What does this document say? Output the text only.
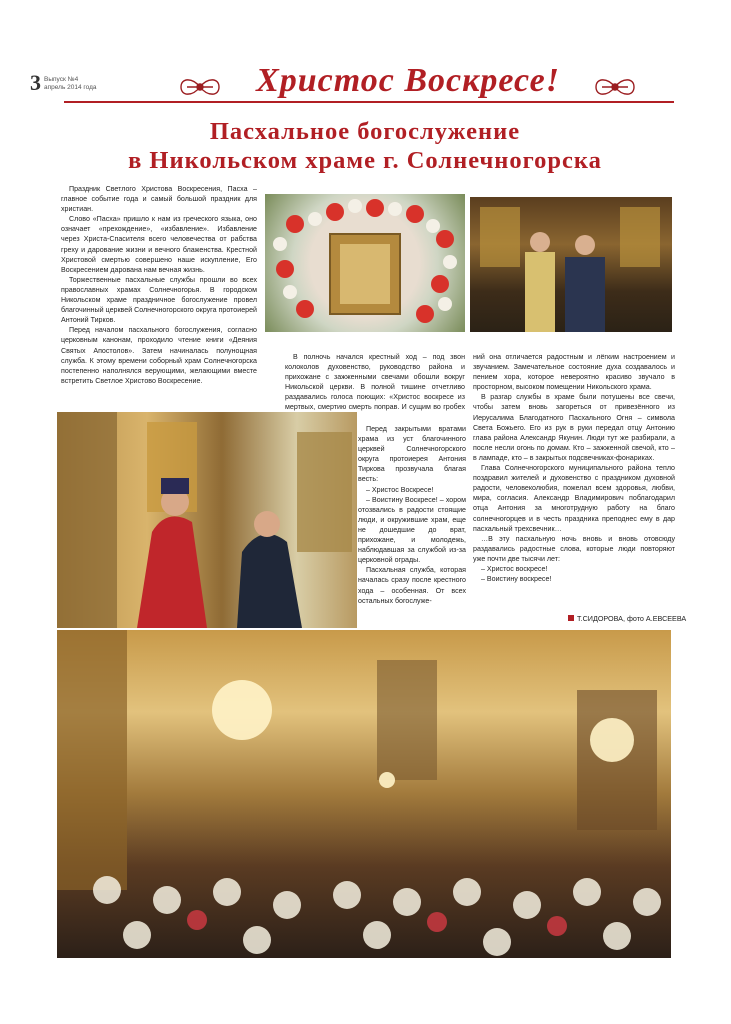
3 Выпуск №4
апрель 2014 года	Христос Воскресе!
Пасхальное богослужение
в Никольском храме г. Солнечногорска

Праздник Светлого Христова Воскресения, Пасха – главное событие года и самый большой праздник для христиан.

Слово «Пасха» пришло к нам из греческого языка, оно означает «прехождение», «избавление». Избавление через Христа-Спасителя всего человечества от рабства греху и дарование жизни и вечного блаженства. Крестной Христовой смертью совершено наше искупление, Его Воскресением дарована нам вечная жизнь.

Торжественные пасхальные службы прошли во всех православных храмах Солнечногорья. В городском Никольском храме праздничное богослужение провел благочинный церквей Солнечногорского округа протоиерей Антоний Тирков.

Перед началом пасхального богослужения, согласно церковным канонам, проходило чтение книги «Деяния Святых Апостолов». Затем начиналась полунощная служба. К этому времени соборный храм Солнечногорска постепенно наполнялся верующими, желающими вместе встретить Светлое Христово Воскресение.

В полночь начался крестный ход – под звон колоколов духовенство, руководство района и прихожане с зажженными свечами обошли вокруг Никольской церкви. В полной тишине отчетливо раздавались голоса поющих: «Христос воскресе из мертвых, смертию смерть поправ. И сущим во гробех

Перед закрытыми вратами храма из уст благочинного церквей Солнечногорского округа протоиерея Антония Тиркова прозвучала благая весть:

– Христос Воскресе!

– Воистину Воскресе! – хором отозвались в радости стоящие люди, и окружившие храм, еще не дошедшие до врат, прихожане, и молодежь, наблюдавшая за службой из-за церковной ограды.

Пасхальная служба, которая началась сразу после крестного хода – особенная. От всех остальных богослуже-

ний она отличается радостным и лёгким настроением и звучанием. Замечательное состояние духа создавалось и пением хора, которое невероятно красиво звучало в просторном, высоком помещении Никольского храма.

В разгар службы в храме были потушены все свечи, чтобы затем вновь загореться от привезённого из Иерусалима Благодатного Пасхального Огня – символа Света Божьего. Его из рук в руки передал отцу Антонию глава района Александр Якунин. Люди тут же разбирали, а после несли огонь по домам. Кто – зажженной свечой, кто – в лампаде, кто – в закрытых подсвечниках-фонариках.

Глава Солнечногорского муниципального района тепло поздравил жителей и духовенство с праздником духовной радости, человеколюбия, пожелал всем здоровья, любви, мира, согласия. Александр Владимирович поблагодарил отца Антония за многотрудную работу на благо солнечногорцев и в честь праздника преподнес ему в дар пасхальный трехсвечник…

…В эту пасхальную ночь вновь и вновь отовсюду раздавались радостные слова, которые люди повторяют уже почти две тысячи лет:

– Христос воскресе!

– Воистину воскресе!

Т.СИДОРОВА, фото А.ЕВСЕЕВА
